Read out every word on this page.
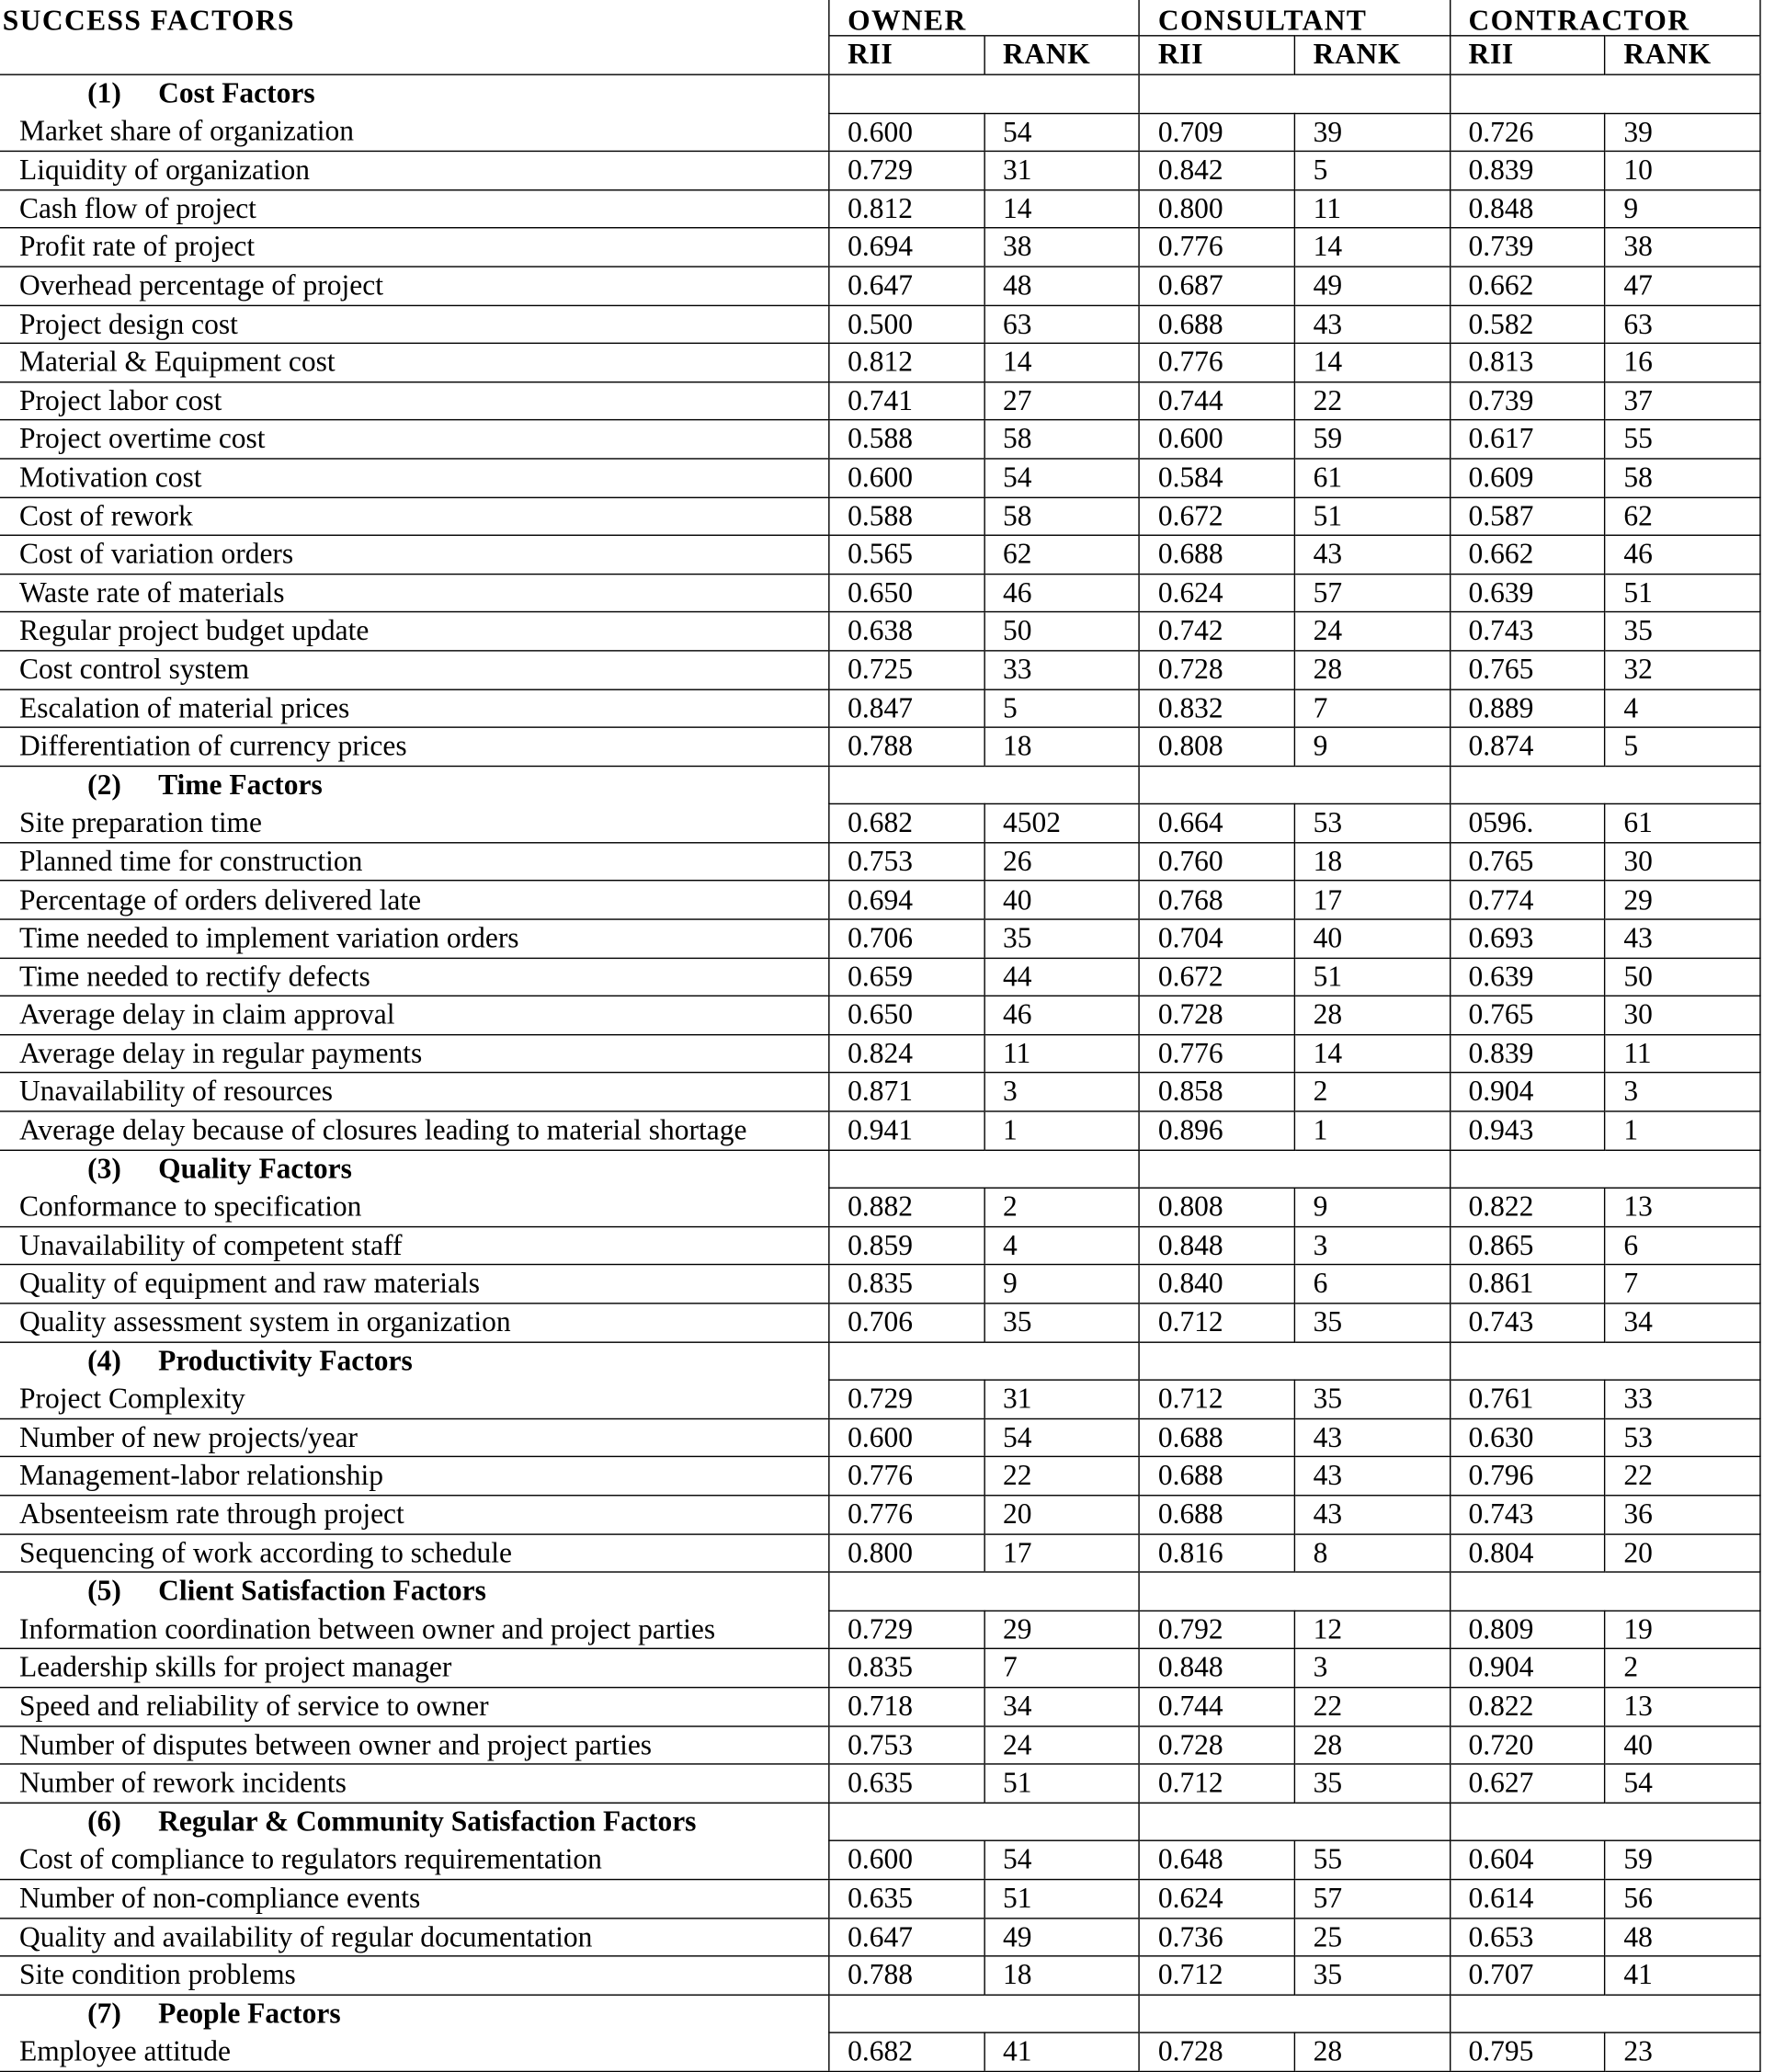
SUCCESS FACTORS	OWNER		CONSULTANT		CONTRACTOR	
	RII	RANK	RII	RANK	RII	RANK
(1) Cost Factors						
Market share of organization	0.600	54	0.709	39	0.726	39
Liquidity of organization	0.729	31	0.842	5	0.839	10
Cash flow of project	0.812	14	0.800	11	0.848	9
Profit rate of project	0.694	38	0.776	14	0.739	38
Overhead percentage of project	0.647	48	0.687	49	0.662	47
Project design cost	0.500	63	0.688	43	0.582	63
Material & Equipment cost	0.812	14	0.776	14	0.813	16
Project labor cost	0.741	27	0.744	22	0.739	37
Project overtime cost	0.588	58	0.600	59	0.617	55
Motivation cost	0.600	54	0.584	61	0.609	58
Cost of rework	0.588	58	0.672	51	0.587	62
Cost of variation orders	0.565	62	0.688	43	0.662	46
Waste rate of materials	0.650	46	0.624	57	0.639	51
Regular project budget update	0.638	50	0.742	24	0.743	35
Cost control system	0.725	33	0.728	28	0.765	32
Escalation of material prices	0.847	5	0.832	7	0.889	4
Differentiation of currency prices	0.788	18	0.808	9	0.874	5
(2) Time Factors						
Site preparation time	0.682	4502	0.664	53	0596.	61
Planned time for construction	0.753	26	0.760	18	0.765	30
Percentage of orders delivered late	0.694	40	0.768	17	0.774	29
Time needed to implement variation orders	0.706	35	0.704	40	0.693	43
Time needed to rectify defects	0.659	44	0.672	51	0.639	50
Average delay in claim approval	0.650	46	0.728	28	0.765	30
Average delay in regular payments	0.824	11	0.776	14	0.839	11
Unavailability of resources	0.871	3	0.858	2	0.904	3
Average delay because of closures leading to material shortage	0.941	1	0.896	1	0.943	1
(3) Quality Factors						
Conformance to specification	0.882	2	0.808	9	0.822	13
Unavailability of competent staff	0.859	4	0.848	3	0.865	6
Quality of equipment and raw materials	0.835	9	0.840	6	0.861	7
Quality assessment system in organization	0.706	35	0.712	35	0.743	34
(4) Productivity Factors						
Project Complexity	0.729	31	0.712	35	0.761	33
Number of new projects/year	0.600	54	0.688	43	0.630	53
Management-labor relationship	0.776	22	0.688	43	0.796	22
Absenteeism rate through project	0.776	20	0.688	43	0.743	36
Sequencing of work according to schedule	0.800	17	0.816	8	0.804	20
(5) Client Satisfaction Factors						
Information coordination between owner and project parties	0.729	29	0.792	12	0.809	19
Leadership skills for project manager	0.835	7	0.848	3	0.904	2
Speed and reliability of service to owner	0.718	34	0.744	22	0.822	13
Number of disputes between owner and project parties	0.753	24	0.728	28	0.720	40
Number of rework incidents	0.635	51	0.712	35	0.627	54
(6) Regular & Community Satisfaction Factors						
Cost of compliance to regulators requirementation	0.600	54	0.648	55	0.604	59
Number of non-compliance events	0.635	51	0.624	57	0.614	56
Quality and availability of regular documentation	0.647	49	0.736	25	0.653	48
Site condition problems	0.788	18	0.712	35	0.707	41
(7) People Factors						
Employee attitude	0.682	41	0.728	28	0.795	23
